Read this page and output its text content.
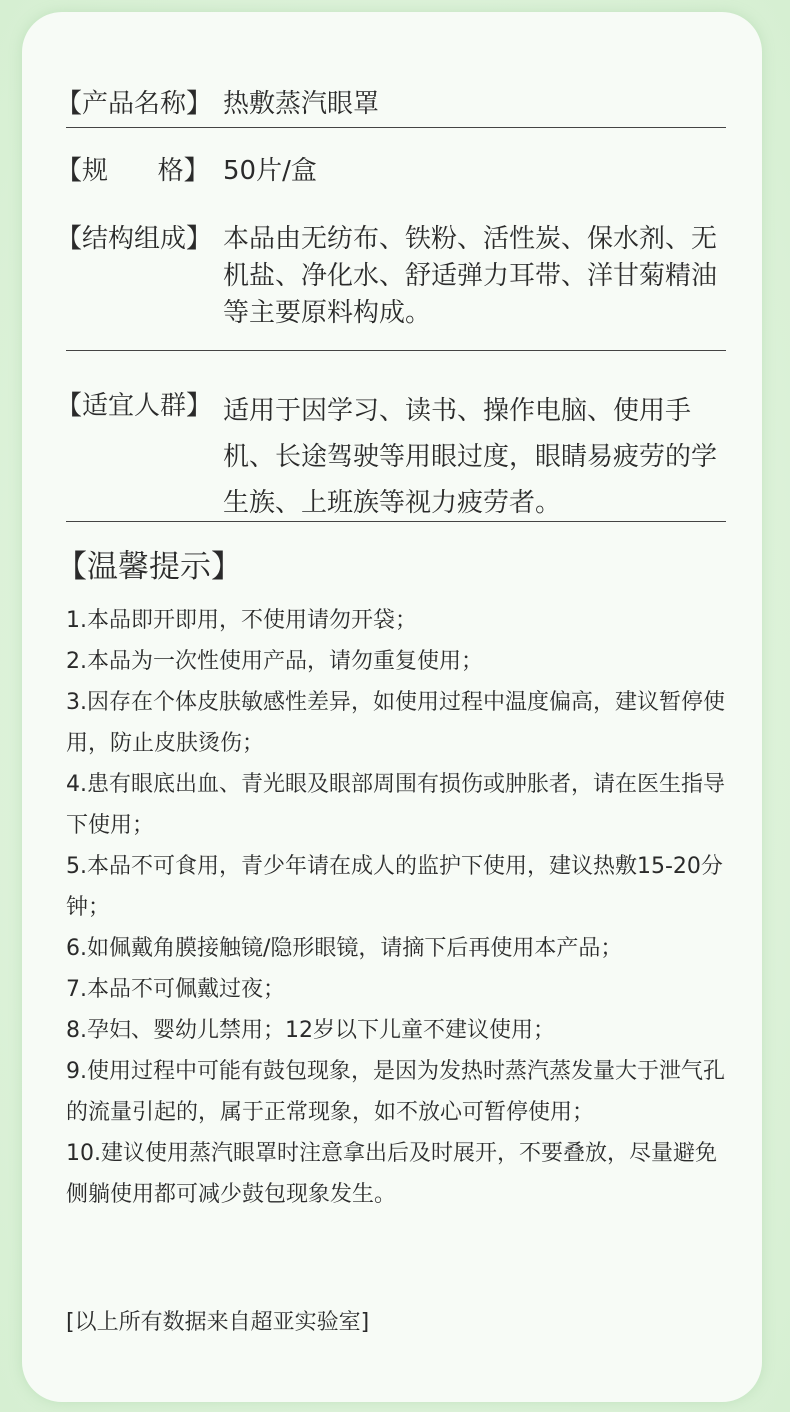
【产品名称】 热敷蒸汽眼罩
【规      格】 50片/盒
【结构组成】 本品由无纺布、铁粉、活性炭、保水剂、无机盐、净化水、舒适弹力耳带、洋甘菊精油等主要原料构成。
【适宜人群】 适用于因学习、读书、操作电脑、使用手机、长途驾驶等用眼过度，眼睛易疲劳的学生族、上班族等视力疲劳者。
【温馨提示】
1.本品即开即用，不使用请勿开袋；
2.本品为一次性使用产品，请勿重复使用；
3.因存在个体皮肤敏感性差异，如使用过程中温度偏高，建议暂停使用，防止皮肤烫伤；
4.患有眼底出血、青光眼及眼部周围有损伤或肿胀者，请在医生指导下使用；
5.本品不可食用，青少年请在成人的监护下使用，建议热敷15-20分钟；
6.如佩戴角膜接触镜/隐形眼镜，请摘下后再使用本产品；
7.本品不可佩戴过夜；
8.孕妇、婴幼儿禁用；12岁以下儿童不建议使用；
9.使用过程中可能有鼓包现象，是因为发热时蒸汽蒸发量大于泄气孔的流量引起的，属于正常现象，如不放心可暂停使用；
10.建议使用蒸汽眼罩时注意拿出后及时展开，不要叠放，尽量避免侧躺使用都可减少鼓包现象发生。
[以上所有数据来自超亚实验室]
